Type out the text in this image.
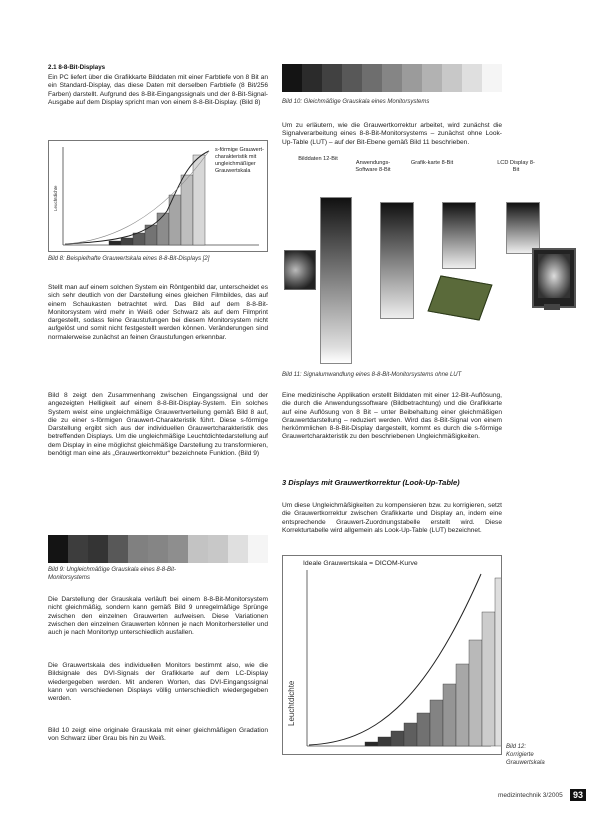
2.1 8-8-Bit-Displays
Ein PC liefert über die Grafikkarte Bilddaten mit einer Farbtiefe von 8 Bit an ein Standard-Display, das diese Daten mit derselben Farbtiefe (8 Bit/256 Farben) darstellt. Aufgrund des 8-Bit-Eingangssignals und der 8-Bit-Signal-Ausgabe auf dem Display spricht man von einem 8-8-Bit-Display. (Bild 8)
Leuchtdichte
s-förmige Grauwert-charakteristik mit ungleichmäßiger Grauwertskala
Bild 8: Beispielhafte Grauwertskala eines 8-8-Bit-Displays [2]
Stellt man auf einem solchen System ein Röntgenbild dar, unterscheidet es sich sehr deutlich von der Darstellung eines gleichen Filmbildes, das auf einem Schaukasten betrachtet wird. Das Bild auf dem 8-8-Bit-Monitorsystem wird mehr in Weiß oder Schwarz als auf dem Filmprint dargestellt, sodass feine Graustufungen bei diesem Monitorsystem nicht aufgelöst und somit nicht festgestellt werden können. Veränderungen sind normalerweise zunächst an feinen Graustufungen erkennbar.
Bild 8 zeigt den Zusammenhang zwischen Eingangssignal und der angezeigten Helligkeit auf einem 8-8-Bit-Display-System. Ein solches System weist eine ungleichmäßige Grauwertverteilung gemäß Bild 8 auf, die zu einer s-förmigen Grauwert-Charakteristik führt. Diese s-förmige Darstellung ergibt sich aus der individuellen Grauwertcharakteristik des betreffenden Displays. Um die ungleichmäßige Leuchtdichtedarstellung auf dem Display in eine möglichst gleichmäßige Darstellung zu transformieren, benötigt man eine als „Grauwertkorrektur“ bezeichnete Funktion. (Bild 9)
Bild 9: Ungleichmäßige Grauskala eines 8-8-Bit-Monitorsystems
Die Darstellung der Grauskala verläuft bei einem 8-8-Bit-Monitorsystem nicht gleichmäßig, sondern kann gemäß Bild 9 unregelmäßige Sprünge zwischen den einzelnen Grauwerten aufweisen. Diese Variationen zwischen den einzelnen Grauwerten können je nach Monitorhersteller und auch je nach Monitortyp unterschiedlich ausfallen.
Die Grauwertskala des individuellen Monitors bestimmt also, wie die Bildsignale des DVI-Signals der Grafikkarte auf dem LC-Display wiedergegeben werden. Mit anderen Worten, das DVI-Eingangssignal kann von verschiedenen Displays völlig unterschiedlich wiedergegeben werden.
Bild 10 zeigt eine originale Grauskala mit einer gleichmäßigen Gradation von Schwarz über Grau bis hin zu Weiß.
Bild 10: Gleichmäßige Grauskala eines Monitorsystems
Um zu erläutern, wie die Grauwertkorrektur arbeitet, wird zunächst die Signalverarbeitung eines 8-8-Bit-Monitorsystems – zunächst ohne Look-Up-Table (LUT) – auf der Bit-Ebene gemäß Bild 11 beschrieben.
Bilddaten 12-Bit
Anwendungs-Software 8-Bit
Grafik-karte 8-Bit	LCD Display 8-Bit
Bild 11: Signalumwandlung eines 8-8-Bit-Monitorsystems ohne LUT
Eine medizinische Applikation erstellt Bilddaten mit einer 12-Bit-Auflösung, die durch die Anwendungssoftware (Bildbetrachtung) und die Grafikkarte auf eine Auflösung von 8 Bit – unter Beibehaltung einer gleichmäßigen Grauwertdarstellung – reduziert werden. Wird das 8-Bit-Signal von einem herkömmlichen 8-8-Bit-Display dargestellt, kommt es durch die s-förmige Grauwertcharakteristik zu den beschriebenen Ungleichmäßigkeiten.
3 Displays mit Grauwertkorrektur (Look-Up-Table)
Um diese Ungleichmäßigkeiten zu kompensieren bzw. zu korrigieren, setzt die Grauwertkorrektur zwischen Grafikkarte und Display an, indem eine entsprechende Grauwert-Zuordnungstabelle erstellt wird. Diese Korrekturtabelle wird allgemein als Look-Up-Table (LUT) bezeichnet.
Ideale Grauwertskala = DICOM-Kurve
Leuchtdichte
Bild 12:
Korrigierte
Grauwertskala
medizintechnik 3/2005	93
